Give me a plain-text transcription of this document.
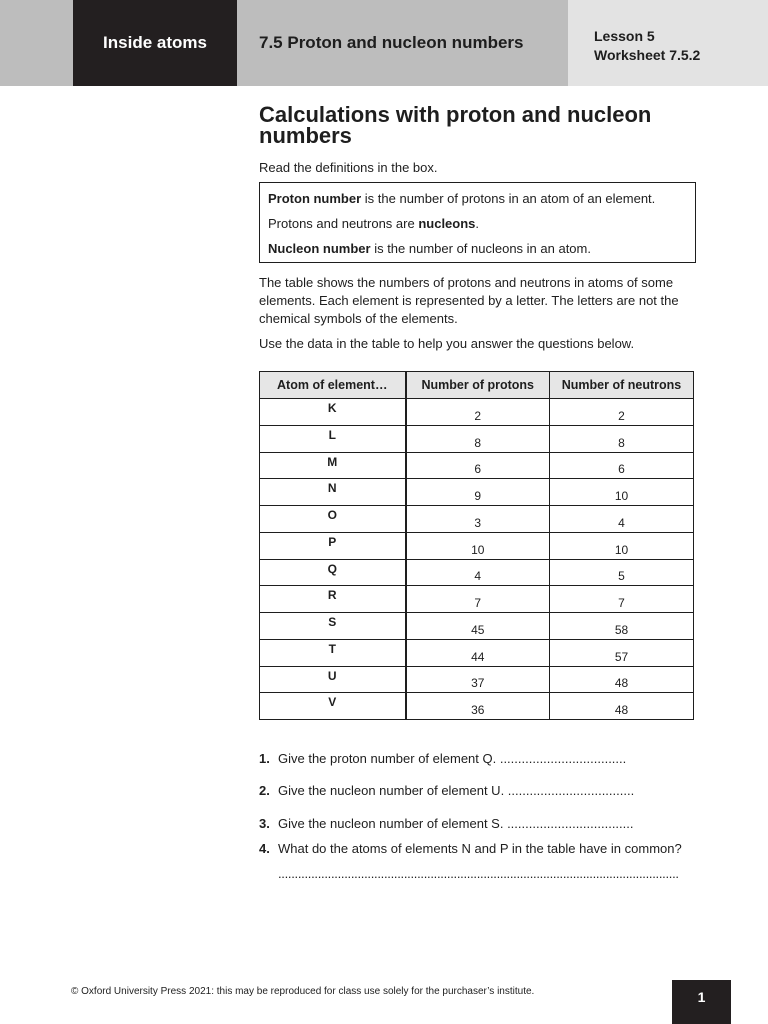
Inside atoms	7.5 Proton and nucleon numbers	Lesson 5
Worksheet 7.5.2
Calculations with proton and nucleon numbers

Read the definitions in the box.

Proton number is the number of protons in an atom of an element.
Protons and neutrons are nucleons.
Nucleon number is the number of nucleons in an atom.

The table shows the numbers of protons and neutrons in atoms of some elements. Each element is represented by a letter. The letters are not the chemical symbols of the elements.

Use the data in the table to help you answer the questions below.

Atom of element…	Number of protons	Number of neutrons
K	2	2
L	8	8
M	6	6
N	9	10
O	3	4
P	10	10
Q	4	5
R	7	7
S	45	58
T	44	57
U	37	48
V	36	48
1. Give the proton number of element Q. ...................................
2. Give the nucleon number of element U. ...................................
3. Give the nucleon number of element S. ...................................
4. What do the atoms of elements N and P in the table have in common?
.........................................................................................................................
© Oxford University Press 2021: this may be reproduced for class use solely for the purchaser’s institute.	1
